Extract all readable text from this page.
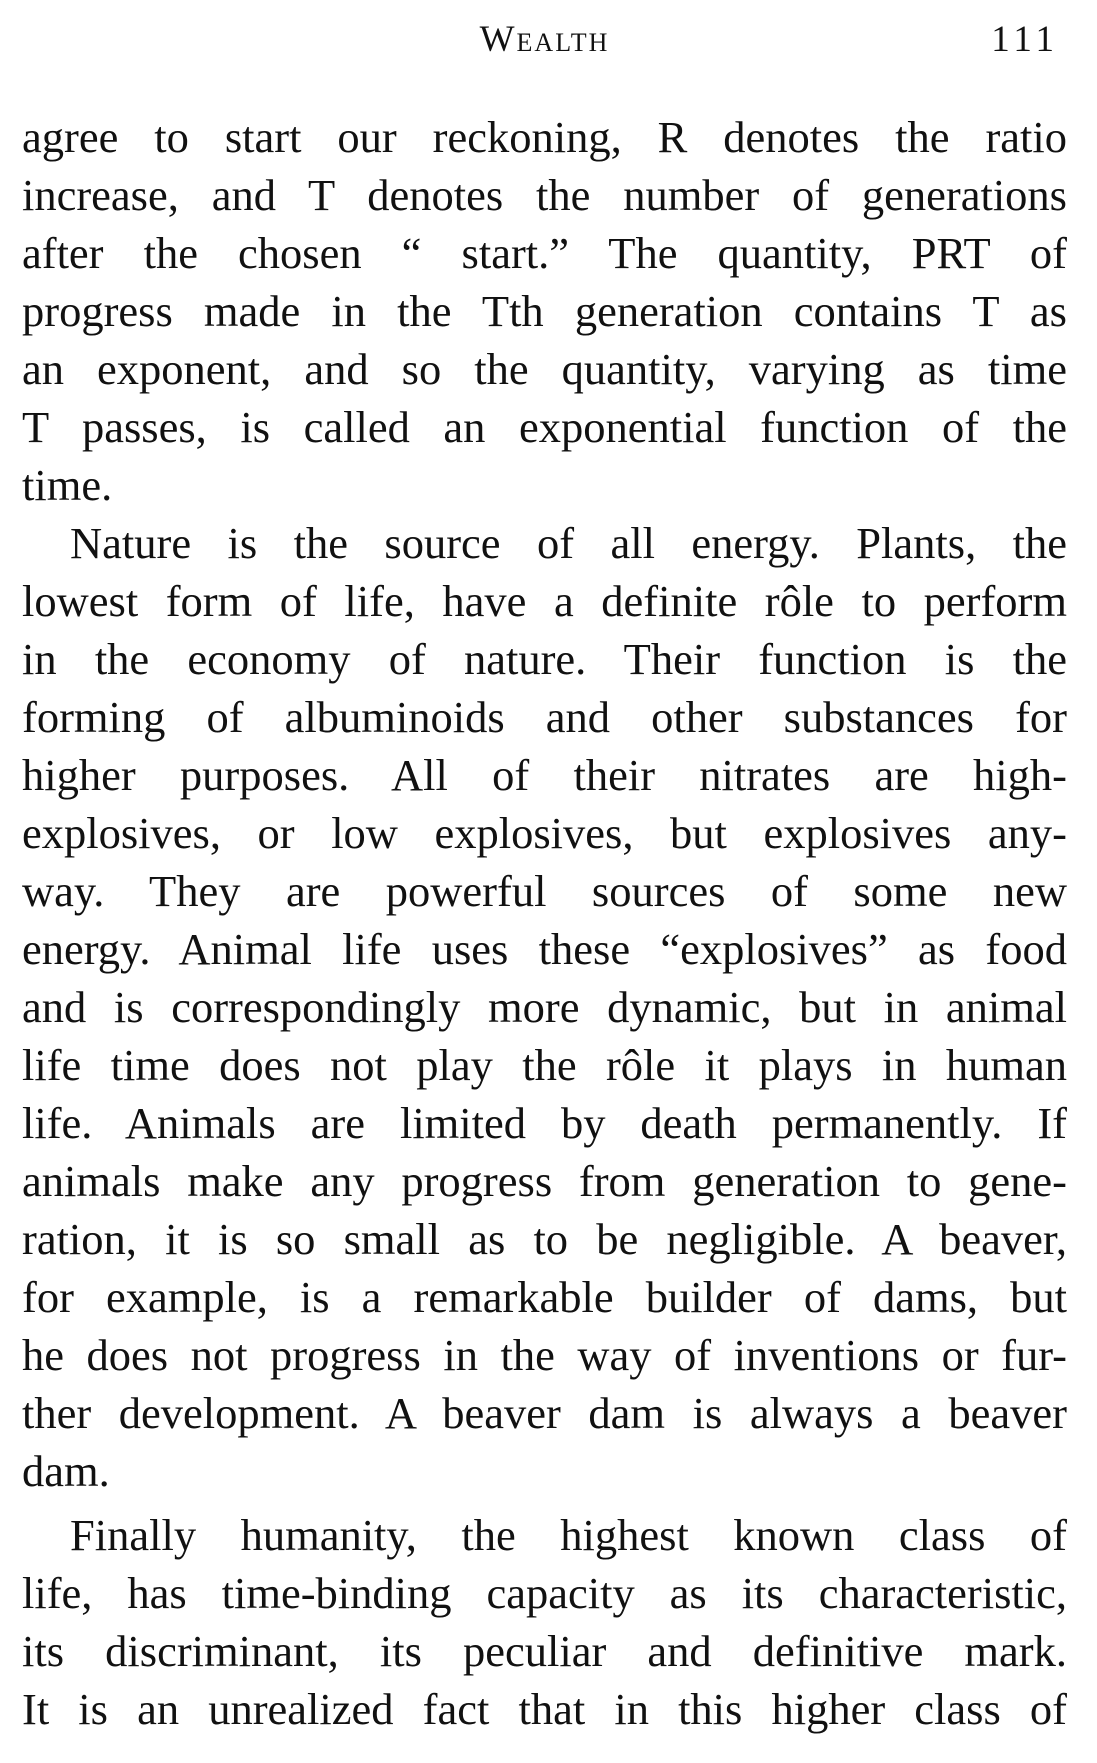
Wealth	111
agree to start our reckoning, R denotes the ratio
increase, and T denotes the number of generations
after the chosen “ start.” The quantity, PRT of
progress made in the Tth generation contains T as
an exponent, and so the quantity, varying as time
T passes, is called an exponential function of the
time.
Nature is the source of all energy. Plants, the
lowest form of life, have a definite rôle to perform
in the economy of nature. Their function is the
forming of albuminoids and other substances for
higher purposes. All of their nitrates are high-
explosives, or low explosives, but explosives any-
way. They are powerful sources of some new
energy. Animal life uses these “explosives” as food
and is correspondingly more dynamic, but in animal
life time does not play the rôle it plays in human
life. Animals are limited by death permanently. If
animals make any progress from generation to gene-
ration, it is so small as to be negligible. A beaver,
for example, is a remarkable builder of dams, but
he does not progress in the way of inventions or fur-
ther development. A beaver dam is always a beaver
dam.
Finally humanity, the highest known class of
life, has time-binding capacity as its characteristic,
its discriminant, its peculiar and definitive mark.
It is an unrealized fact that in this higher class of
